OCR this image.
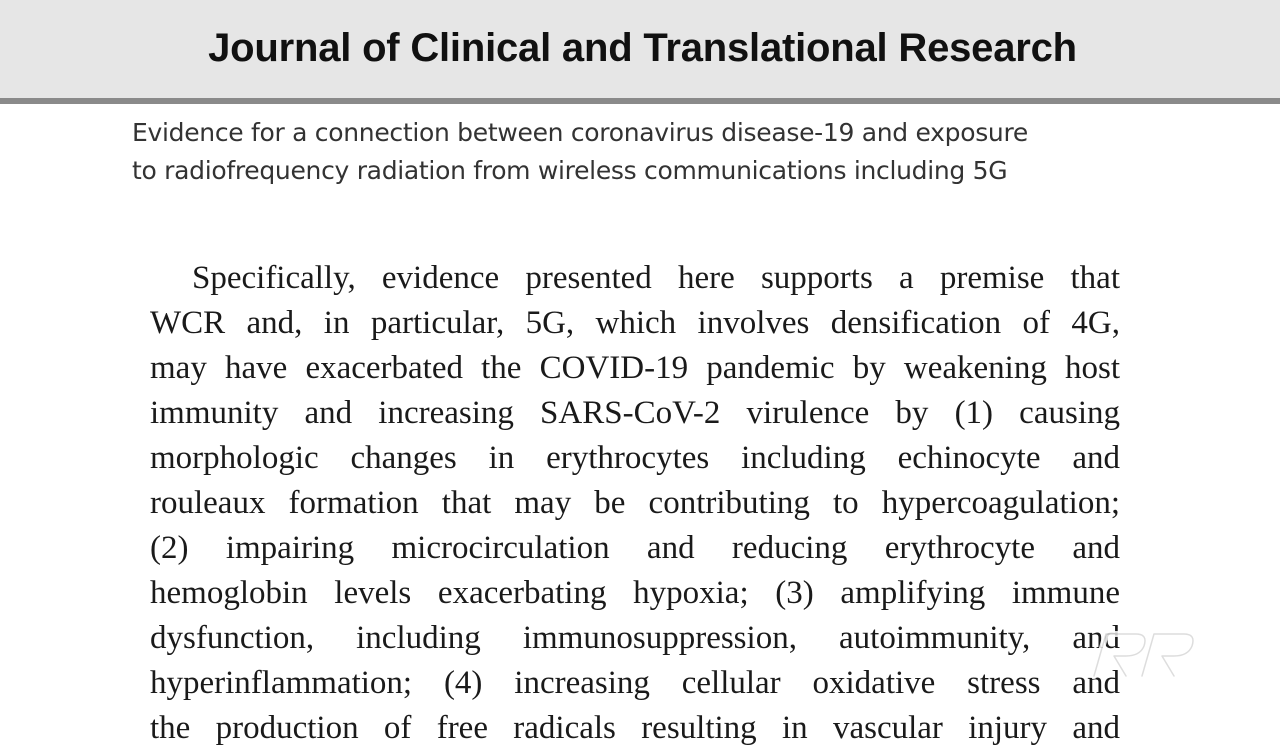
Journal of Clinical and Translational Research
Evidence for a connection between coronavirus disease-19 and exposure
to radiofrequency radiation from wireless communications including 5G
Specifically, evidence presented here supports a premise that
WCR and, in particular, 5G, which involves densification of 4G,
may have exacerbated the COVID-19 pandemic by weakening host
immunity and increasing SARS-CoV-2 virulence by (1) causing
morphologic changes in erythrocytes including echinocyte and
rouleaux formation that may be contributing to hypercoagulation;
(2) impairing microcirculation and reducing erythrocyte and
hemoglobin levels exacerbating hypoxia; (3) amplifying immune
dysfunction, including immunosuppression, autoimmunity, and
hyperinflammation; (4) increasing cellular oxidative stress and
the production of free radicals resulting in vascular injury and
